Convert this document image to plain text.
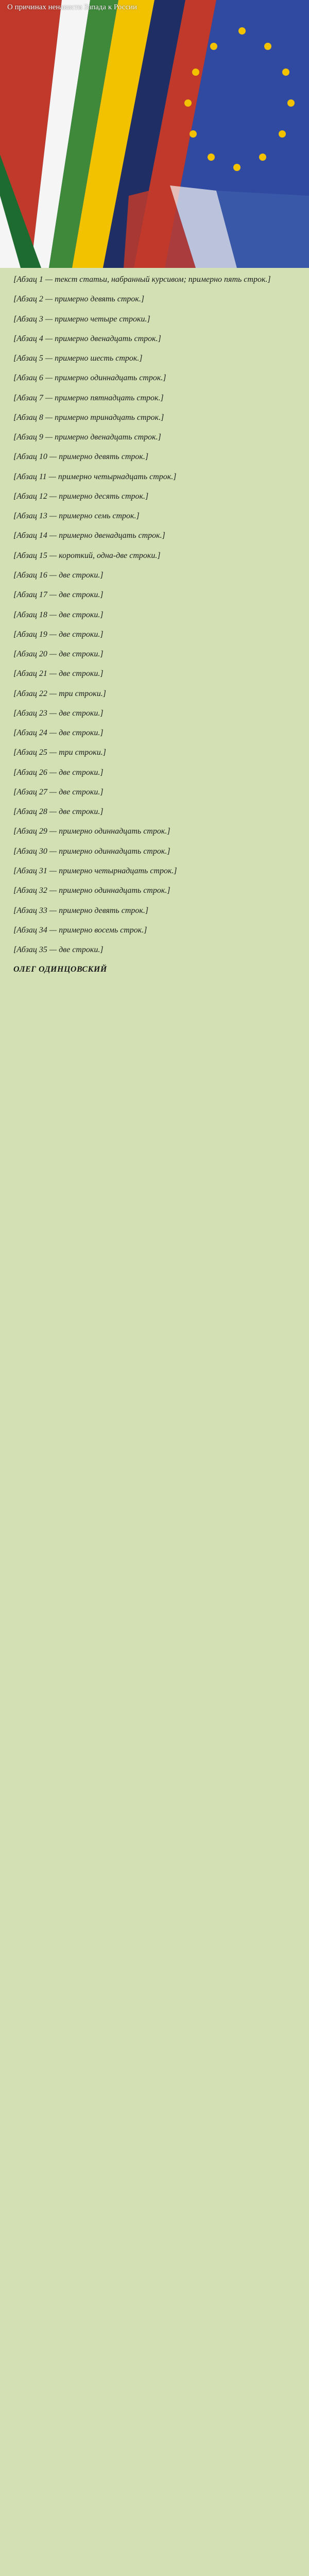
О причинах ненависти Запада к России

[Абзац 1 — текст статьи, набранный курсивом; примерно пять строк.]

[Абзац 2 — примерно девять строк.]

[Абзац 3 — примерно четыре строки.]

[Абзац 4 — примерно двенадцать строк.]

[Абзац 5 — примерно шесть строк.]

[Абзац 6 — примерно одиннадцать строк.]

[Абзац 7 — примерно пятнадцать строк.]

[Абзац 8 — примерно тринадцать строк.]

[Абзац 9 — примерно двенадцать строк.]

[Абзац 10 — примерно девять строк.]

[Абзац 11 — примерно четырнадцать строк.]

[Абзац 12 — примерно десять строк.]

[Абзац 13 — примерно семь строк.]

[Абзац 14 — примерно двенадцать строк.]

[Абзац 15 — короткий, одна-две строки.]

[Абзац 16 — две строки.]

[Абзац 17 — две строки.]

[Абзац 18 — две строки.]

[Абзац 19 — две строки.]

[Абзац 20 — две строки.]

[Абзац 21 — две строки.]

[Абзац 22 — три строки.]

[Абзац 23 — две строки.]

[Абзац 24 — две строки.]

[Абзац 25 — три строки.]

[Абзац 26 — две строки.]

[Абзац 27 — две строки.]

[Абзац 28 — две строки.]

[Абзац 29 — примерно одиннадцать строк.]

[Абзац 30 — примерно одиннадцать строк.]

[Абзац 31 — примерно четырнадцать строк.]

[Абзац 32 — примерно одиннадцать строк.]

[Абзац 33 — примерно девять строк.]

[Абзац 34 — примерно восемь строк.]

[Абзац 35 — две строки.]

ОЛЕГ ОДИНЦОВСКИЙ
